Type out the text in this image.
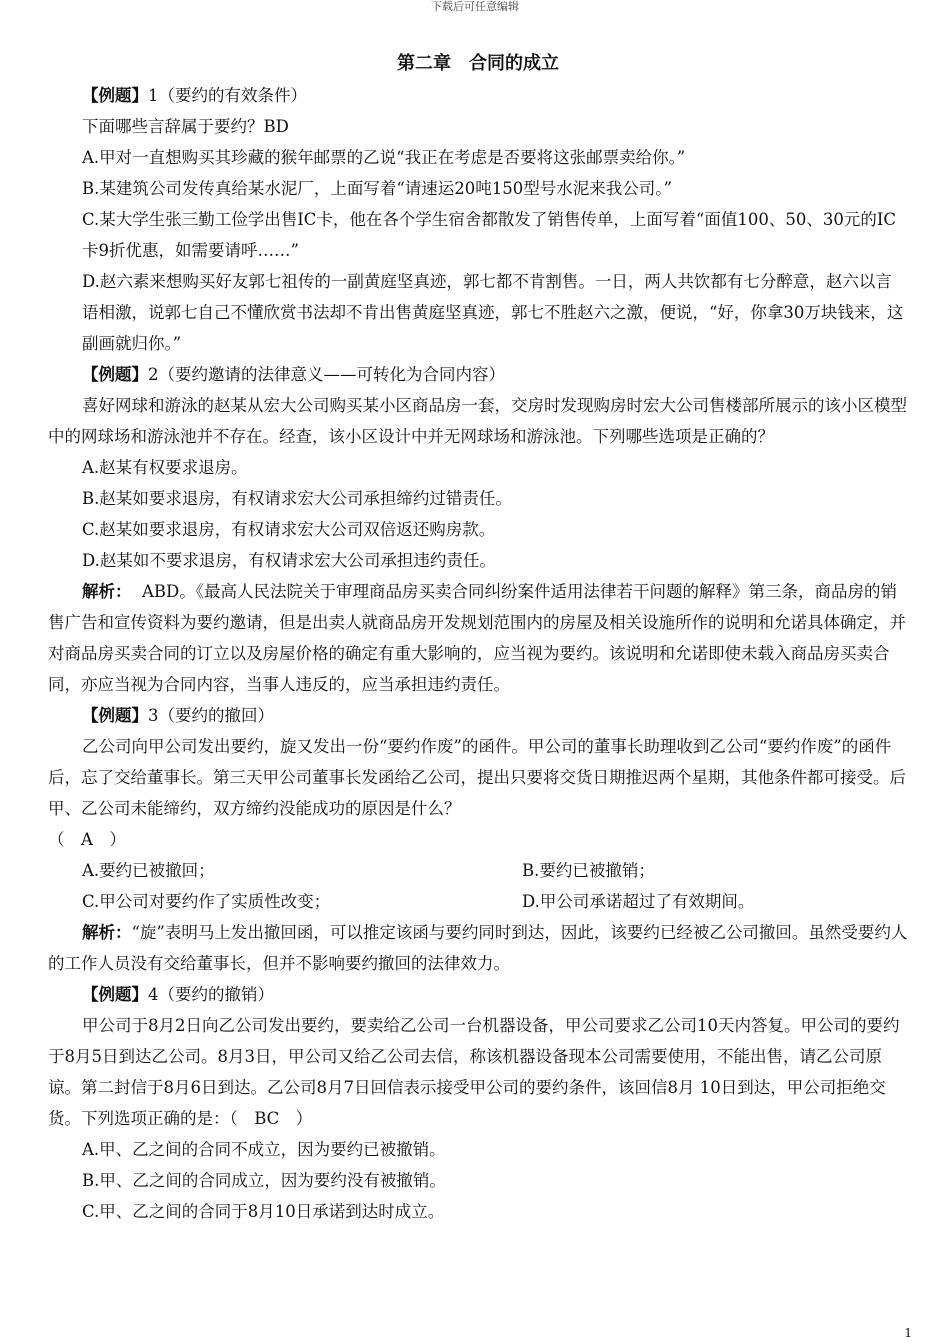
下载后可任意编辑
第二章　合同的成立

【例题】1（要约的有效条件）

下面哪些言辞属于要约？BD

A.甲对一直想购买其珍藏的猴年邮票的乙说“我正在考虑是否要将这张邮票卖给你。”

B.某建筑公司发传真给某水泥厂，上面写着“请速运20吨150型号水泥来我公司。”

C.某大学生张三勤工俭学出售IC卡，他在各个学生宿舍都散发了销售传单，上面写着“面值100、50、30元的IC卡9折优惠，如需要请呼……”

D.赵六素来想购买好友郭七祖传的一副黄庭坚真迹，郭七都不肯割售。一日，两人共饮都有七分醉意，赵六以言语相激，说郭七自己不懂欣赏书法却不肯出售黄庭坚真迹，郭七不胜赵六之激，便说，“好，你拿30万块钱来，这副画就归你。”

【例题】2（要约邀请的法律意义——可转化为合同内容）

喜好网球和游泳的赵某从宏大公司购买某小区商品房一套，交房时发现购房时宏大公司售楼部所展示的该小区模型中的网球场和游泳池并不存在。经查，该小区设计中并无网球场和游泳池。下列哪些选项是正确的？

A.赵某有权要求退房。

B.赵某如要求退房，有权请求宏大公司承担缔约过错责任。

C.赵某如要求退房，有权请求宏大公司双倍返还购房款。

D.赵某如不要求退房，有权请求宏大公司承担违约责任。

解析： ABD。《最高人民法院关于审理商品房买卖合同纠纷案件适用法律若干问题的解释》第三条，商品房的销售广告和宣传资料为要约邀请，但是出卖人就商品房开发规划范围内的房屋及相关设施所作的说明和允诺具体确定，并对商品房买卖合同的订立以及房屋价格的确定有重大影响的，应当视为要约。该说明和允诺即使未载入商品房买卖合同，亦应当视为合同内容，当事人违反的，应当承担违约责任。

【例题】3（要约的撤回）

乙公司向甲公司发出要约，旋又发出一份“要约作废”的函件。甲公司的董事长助理收到乙公司“要约作废”的函件后，忘了交给董事长。第三天甲公司董事长发函给乙公司，提出只要将交货日期推迟两个星期，其他条件都可接受。后甲、乙公司未能缔约，双方缔约没能成功的原因是什么？

（　A　）

A.要约已被撤回；	B.要约已被撤销；
C.甲公司对要约作了实质性改变；	D.甲公司承诺超过了有效期间。

解析：“旋”表明马上发出撤回函，可以推定该函与要约同时到达，因此，该要约已经被乙公司撤回。虽然受要约人的工作人员没有交给董事长，但并不影响要约撤回的法律效力。

【例题】4（要约的撤销）

甲公司于8月2日向乙公司发出要约，要卖给乙公司一台机器设备，甲公司要求乙公司10天内答复。甲公司的要约于8月5日到达乙公司。8月3日，甲公司又给乙公司去信，称该机器设备现本公司需要使用，不能出售，请乙公司原谅。第二封信于8月6日到达。乙公司8月7日回信表示接受甲公司的要约条件，该回信8月 10日到达，甲公司拒绝交货。下列选项正确的是：（　BC　）

A.甲、乙之间的合同不成立，因为要约已被撤销。

B.甲、乙之间的合同成立，因为要约没有被撤销。

C.甲、乙之间的合同于8月10日承诺到达时成立。

1
